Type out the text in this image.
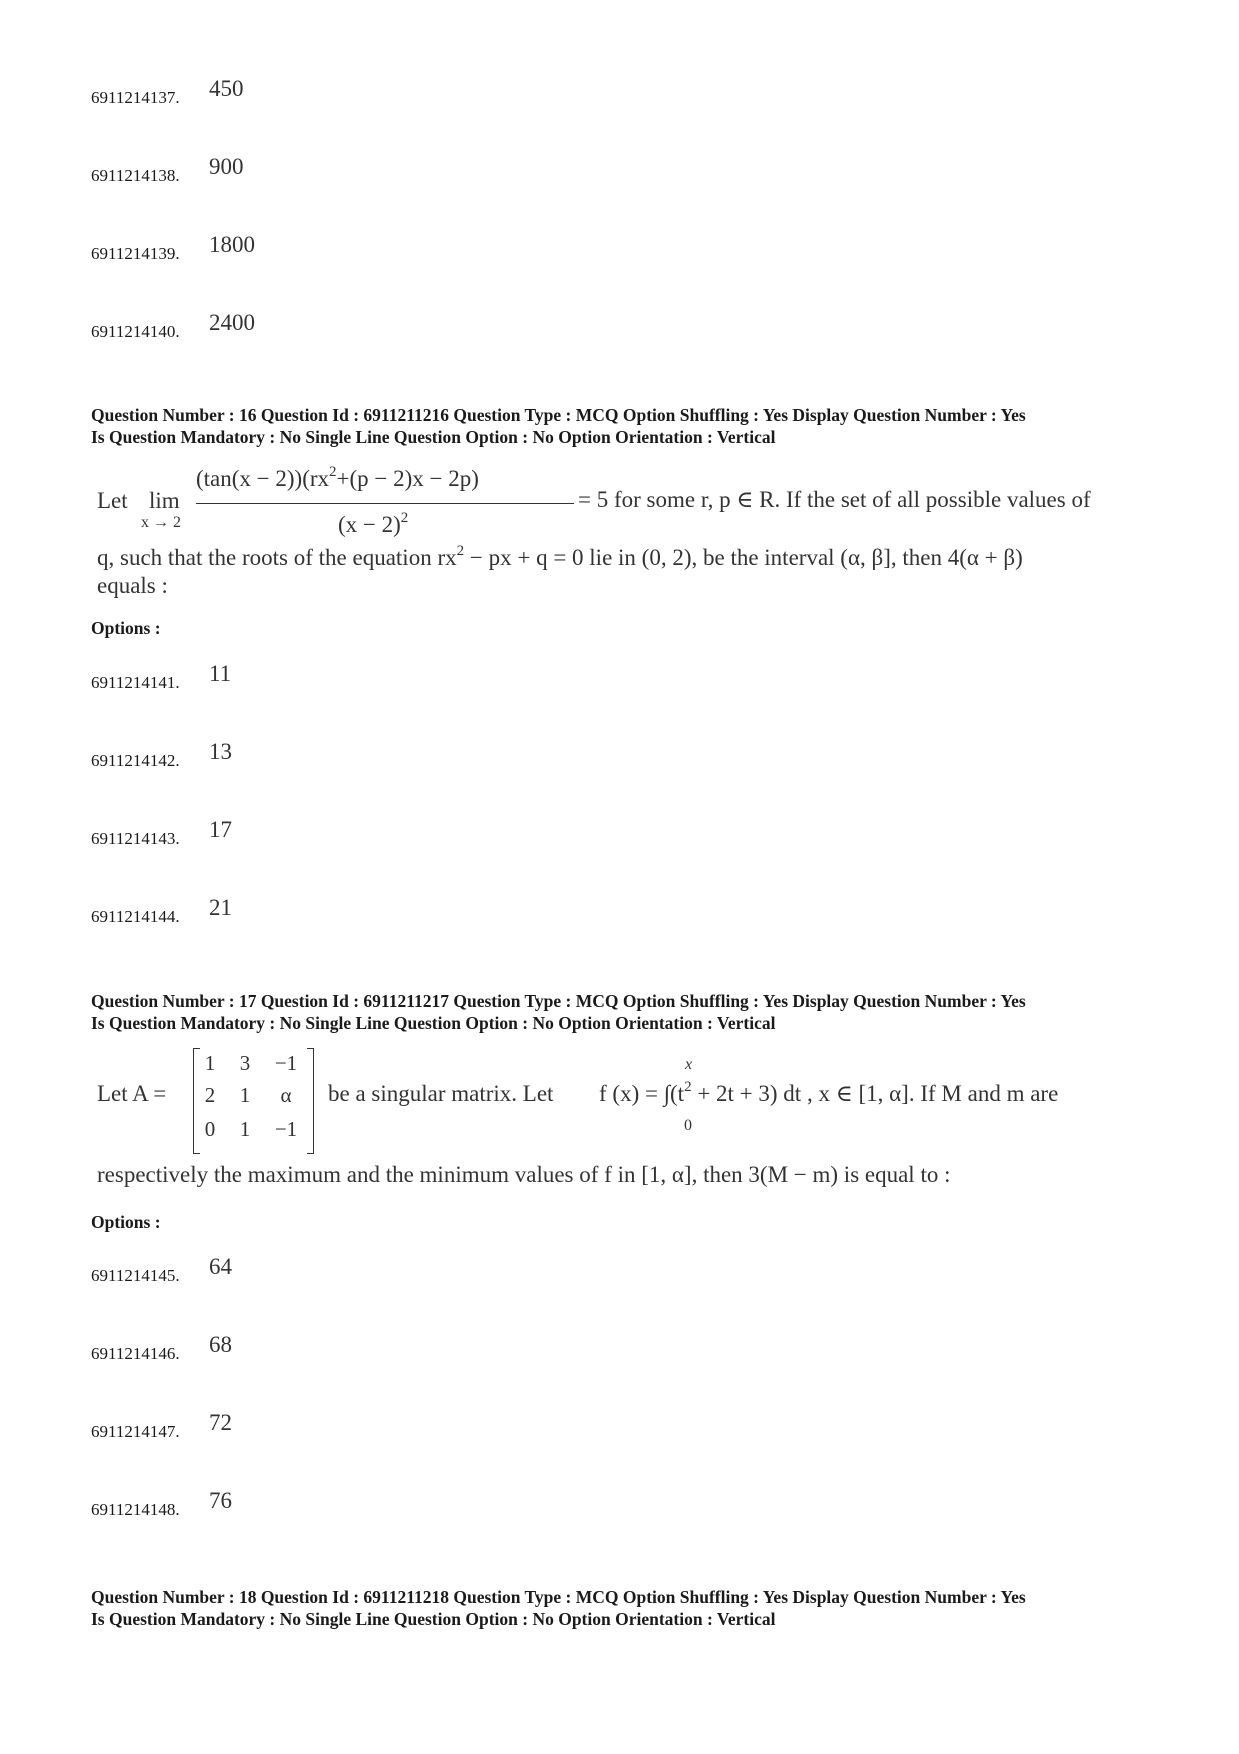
6911214137. 450
6911214138. 900
6911214139. 1800
6911214140. 2400
Question Number : 16 Question Id : 6911211216 Question Type : MCQ Option Shuffling : Yes Display Question Number : Yes
Is Question Mandatory : No Single Line Question Option : No Option Orientation : Vertical
Let lim
x → 2
$(\tan(x - 2))(rx^2+(p - 2)x - 2p)$
$(x - 2)^2$
= 5 for some r, p ∈ R. If the set of all possible values of
q, such that the roots of the equation $rx^2$ − px + q = 0 lie in (0, 2), be the interval (α, β], then 4(α + β)
equals :
Options :
6911214141. 11
6911214142. 13
6911214143. 17
6911214144. 21
Question Number : 17 Question Id : 6911211217 Question Type : MCQ Option Shuffling : Yes Display Question Number : Yes
Is Question Mandatory : No Single Line Question Option : No Option Orientation : Vertical
Let A =
1	3	−1
2	1	α
0	1	−1
be a singular matrix. Let
x
0
f $(x) = \int(t^2 + 2t + 3)$ dt , x ∈ [1, α]. If M and m are
respectively the maximum and the minimum values of f in [1, α], then 3(M − m) is equal to :
Options :
6911214145. 64
6911214146. 68
6911214147. 72
6911214148. 76
Question Number : 18 Question Id : 6911211218 Question Type : MCQ Option Shuffling : Yes Display Question Number : Yes
Is Question Mandatory : No Single Line Question Option : No Option Orientation : Vertical
